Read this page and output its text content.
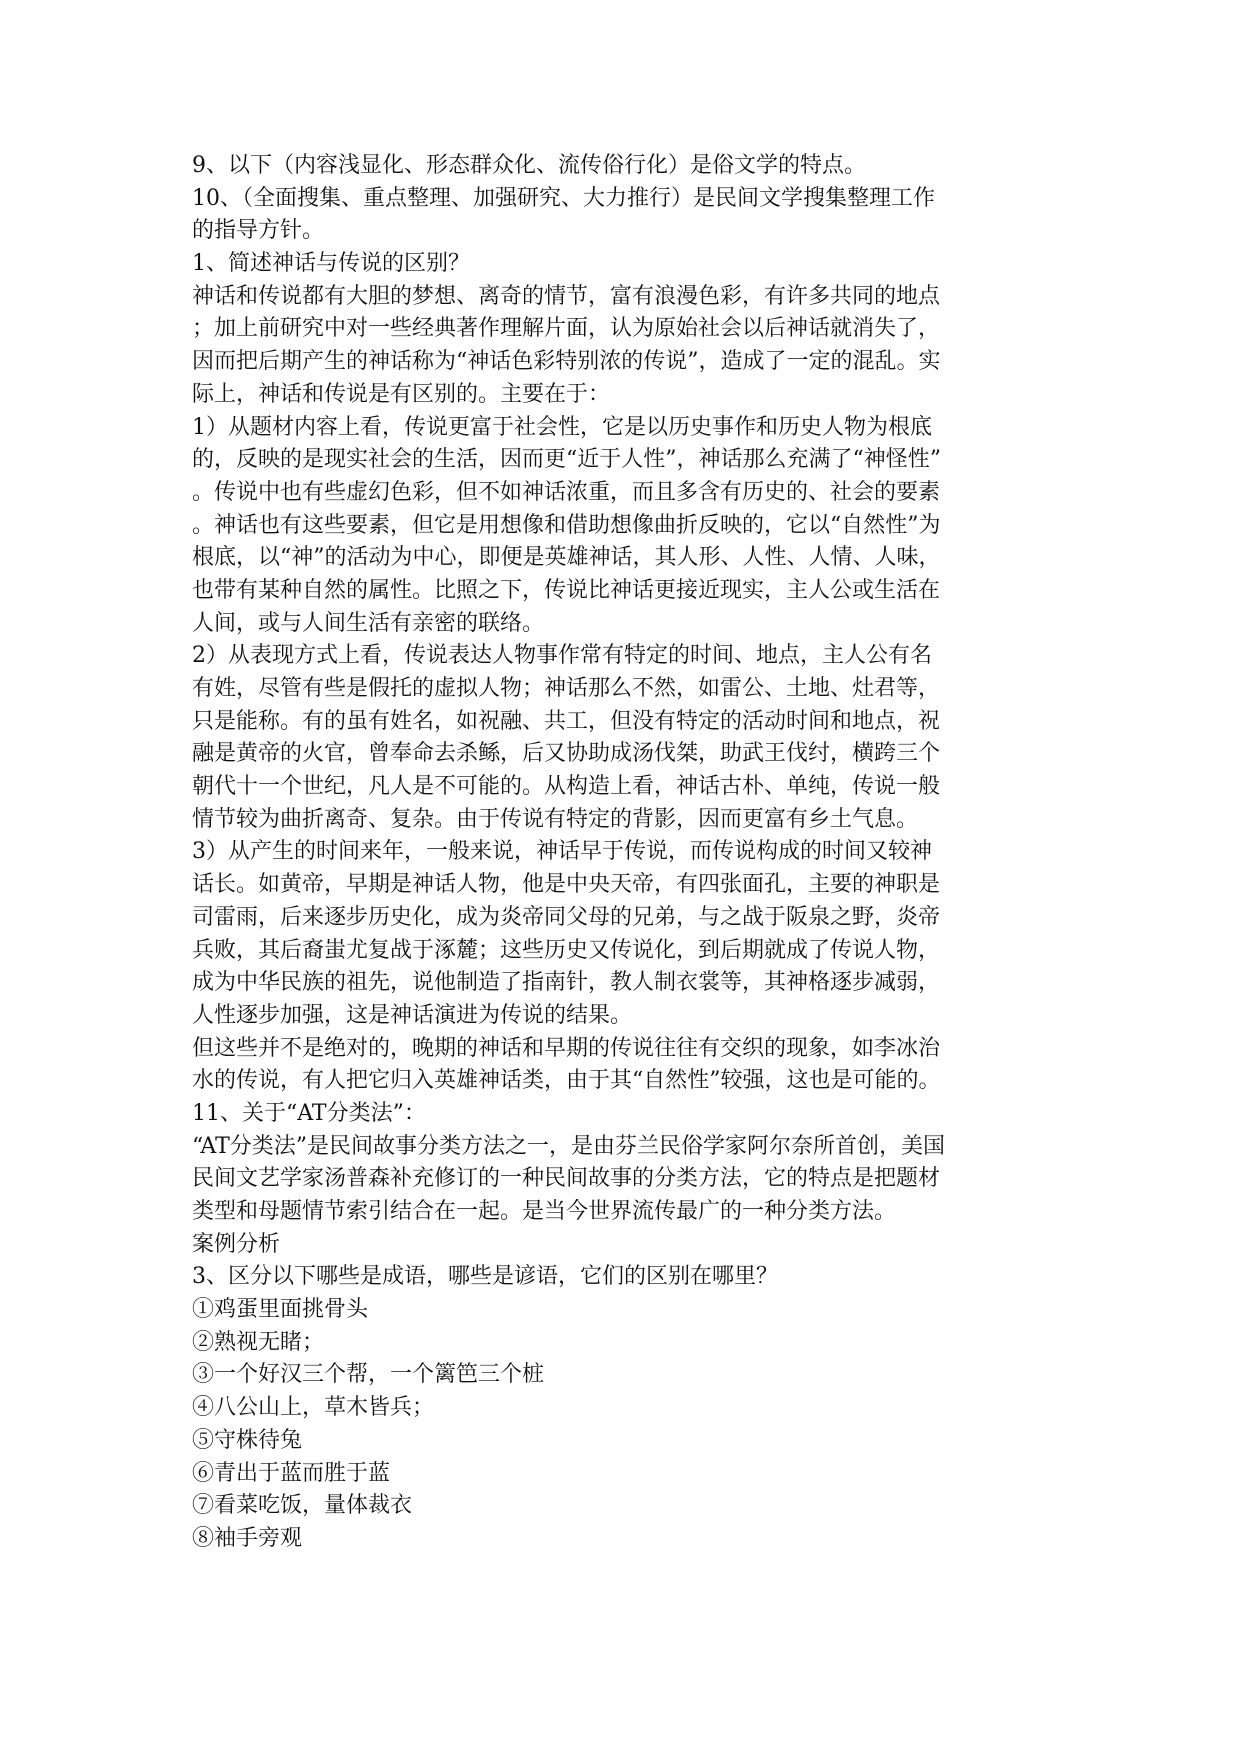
9、以下（内容浅显化、形态群众化、流传俗行化）是俗文学的特点。
10、（全面搜集、重点整理、加强研究、大力推行）是民间文学搜集整理工作
的指导方针。
1、简述神话与传说的区别？
神话和传说都有大胆的梦想、离奇的情节，富有浪漫色彩，有许多共同的地点
；加上前研究中对一些经典著作理解片面，认为原始社会以后神话就消失了，
因而把后期产生的神话称为“神话色彩特别浓的传说”，造成了一定的混乱。实
际上，神话和传说是有区别的。主要在于：
1）从题材内容上看，传说更富于社会性，它是以历史事作和历史人物为根底
的，反映的是现实社会的生活，因而更“近于人性”，神话那么充满了“神怪性”
。传说中也有些虚幻色彩，但不如神话浓重，而且多含有历史的、社会的要素
。神话也有这些要素，但它是用想像和借助想像曲折反映的，它以“自然性”为
根底，以“神”的活动为中心，即便是英雄神话，其人形、人性、人情、人味，
也带有某种自然的属性。比照之下，传说比神话更接近现实，主人公或生活在
人间，或与人间生活有亲密的联络。
2）从表现方式上看，传说表达人物事作常有特定的时间、地点，主人公有名
有姓，尽管有些是假托的虚拟人物；神话那么不然，如雷公、土地、灶君等，
只是能称。有的虽有姓名，如祝融、共工，但没有特定的活动时间和地点，祝
融是黄帝的火官，曾奉命去杀鲧，后又协助成汤伐桀，助武王伐纣，横跨三个
朝代十一个世纪，凡人是不可能的。从构造上看，神话古朴、单纯，传说一般
情节较为曲折离奇、复杂。由于传说有特定的背影，因而更富有乡土气息。
3）从产生的时间来年，一般来说，神话早于传说，而传说构成的时间又较神
话长。如黄帝，早期是神话人物，他是中央天帝，有四张面孔，主要的神职是
司雷雨，后来逐步历史化，成为炎帝同父母的兄弟，与之战于阪泉之野，炎帝
兵败，其后裔蚩尤复战于涿麓；这些历史又传说化，到后期就成了传说人物，
成为中华民族的祖先，说他制造了指南针，教人制衣裳等，其神格逐步减弱，
人性逐步加强，这是神话演进为传说的结果。
但这些并不是绝对的，晚期的神话和早期的传说往往有交织的现象，如李冰治
水的传说，有人把它归入英雄神话类，由于其“自然性”较强，这也是可能的。
11、关于“AT分类法”：
“AT分类法”是民间故事分类方法之一，是由芬兰民俗学家阿尔奈所首创，美国
民间文艺学家汤普森补充修订的一种民间故事的分类方法，它的特点是把题材
类型和母题情节索引结合在一起。是当今世界流传最广的一种分类方法。
案例分析
3、区分以下哪些是成语，哪些是谚语，它们的区别在哪里？
①鸡蛋里面挑骨头
②熟视无睹；
③一个好汉三个帮，一个篱笆三个桩
④八公山上，草木皆兵；
⑤守株待兔
⑥青出于蓝而胜于蓝
⑦看菜吃饭，量体裁衣
⑧袖手旁观
